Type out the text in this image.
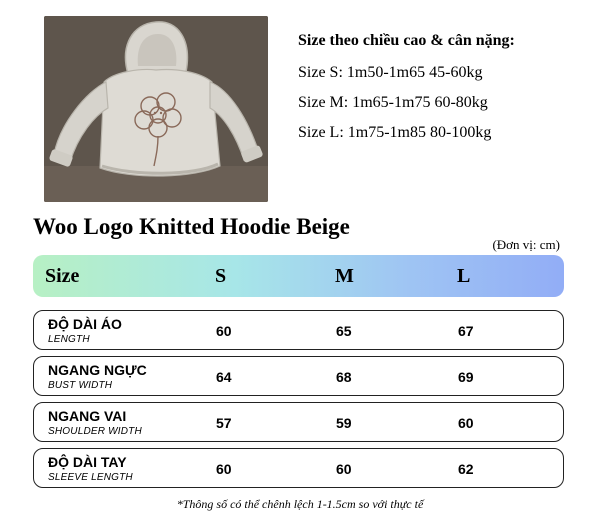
Size theo chiều cao & cân nặng:
Size S: 1m50-1m65 45-60kg
Size M: 1m65-1m75 60-80kg
Size L: 1m75-1m85 80-100kg
Woo Logo Knitted Hoodie Beige
(Đơn vị: cm)
Size	S	M	L
ĐỘ DÀI ÁO
LENGTH
60	65	67
NGANG NGỰC
BUST WIDTH
64	68	69
NGANG VAI
SHOULDER WIDTH
57	59	60
ĐỘ DÀI TAY
SLEEVE LENGTH
60	60	62
*Thông số có thể chênh lệch 1-1.5cm so với thực tế
